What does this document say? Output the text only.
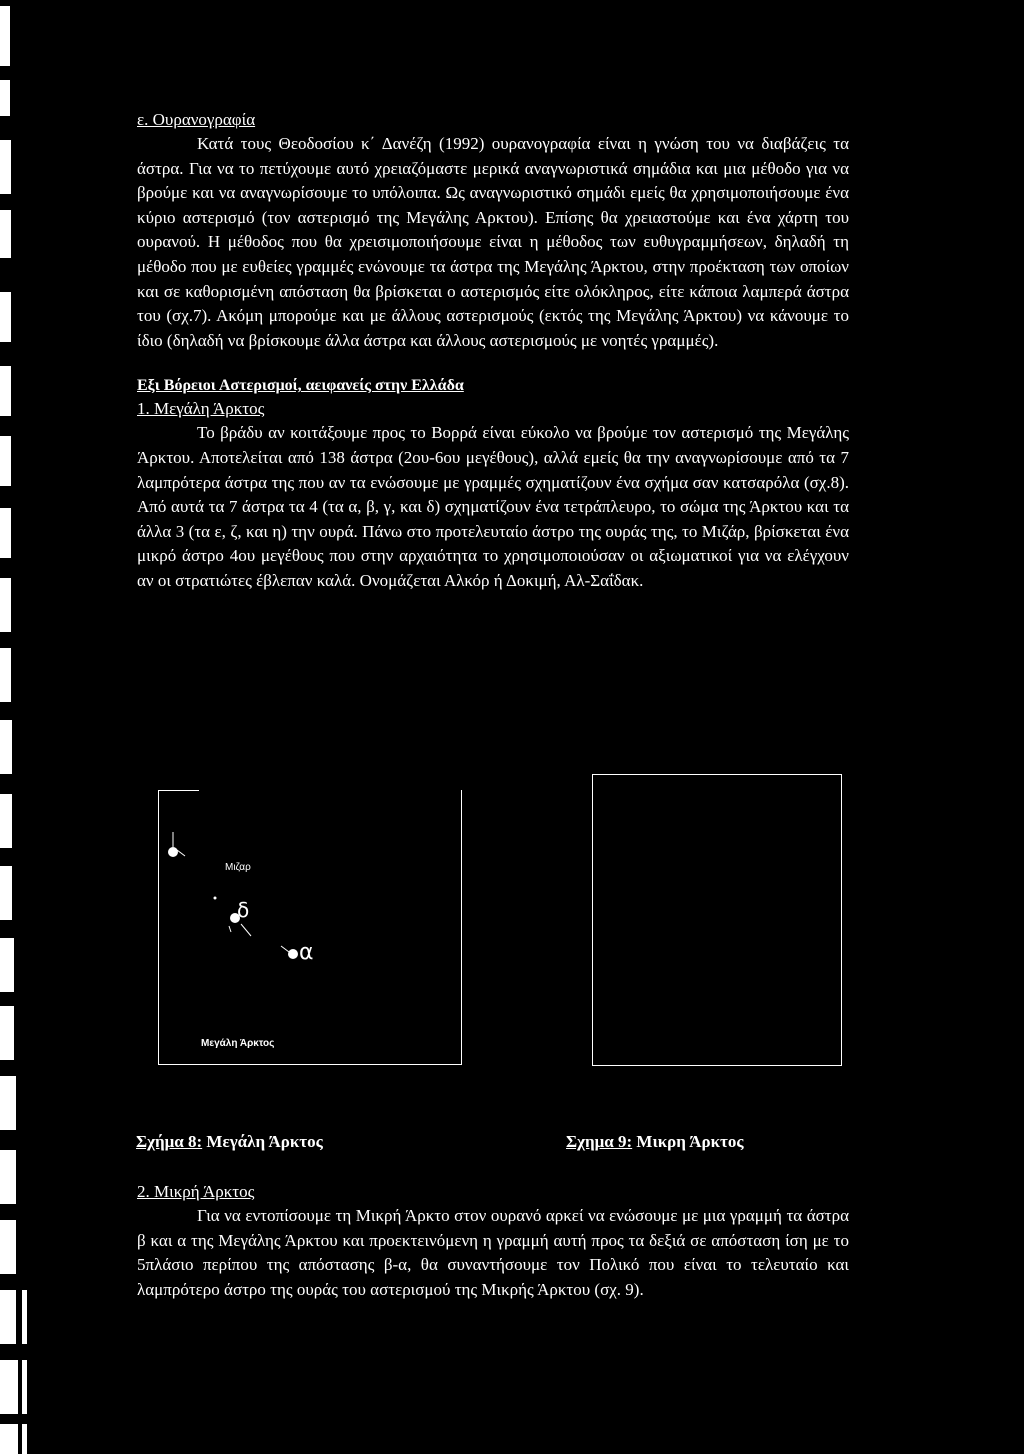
ε. Ουρανογραφία

Κατά τους Θεοδοσίου κ΄ Δανέζη (1992) ουρανογραφία είναι η γνώση του να διαβάζεις τα άστρα. Για να το πετύχουμε αυτό χρειαζόμαστε μερικά αναγνωριστικά σημάδια και μια μέθοδο για να βρούμε και να αναγνωρίσουμε το υπόλοιπα. Ως αναγνωριστικό σημάδι εμείς θα χρησιμοποιήσουμε ένα κύριο αστερισμό (τον αστερισμό της Μεγάλης Αρκτου). Επίσης θα χρειαστούμε και ένα χάρτη του ουρανού. Η μέθοδος που θα χρεισιμοποιήσουμε είναι η μέθοδος των ευθυγραμμήσεων, δηλαδή τη μέθοδο που με ευθείες γραμμές ενώνουμε τα άστρα της Μεγάλης Άρκτου, στην προέκταση των οποίων και σε καθορισμένη απόσταση θα βρίσκεται ο αστερισμός είτε ολόκληρος, είτε κάποια λαμπερά άστρα του (σχ.7). Ακόμη μπορούμε και με άλλους αστερισμούς (εκτός της Μεγάλης Άρκτου) να κάνουμε το ίδιο (δηλαδή να βρίσκουμε άλλα άστρα και άλλους αστερισμούς με νοητές γραμμές).

Εξι Βόρειοι Αστερισμοί, αειφανείς στην Ελλάδα
1. Μεγάλη Άρκτος

Το βράδυ αν κοιτάξουμε προς το Βορρά είναι εύκολο να βρούμε τον αστερισμό της Μεγάλης Άρκτου. Αποτελείται από 138 άστρα (2ου-6ου μεγέθους), αλλά εμείς θα την αναγνωρίσουμε από τα 7 λαμπρότερα άστρα της που αν τα ενώσουμε με γραμμές σχηματίζουν ένα σχήμα σαν κατσαρόλα (σχ.8). Από αυτά τα 7 άστρα τα 4 (τα α, β, γ, και δ) σχηματίζουν ένα τετράπλευρο, το σώμα της Άρκτου και τα άλλα 3 (τα ε, ζ, και η) την ουρά. Πάνω στο προτελευταίο άστρο της ουράς της, το Μιζάρ, βρίσκεται ένα μικρό άστρο 4ου μεγέθους που στην αρχαιότητα το χρησιμοποιούσαν οι αξιωματικοί για να ελέγχουν αν οι στρατιώτες έβλεπαν καλά. Ονομάζεται Αλκόρ ή Δοκιμή, Αλ-Σαΐδακ.

Μιζαρ
δ
α
Μεγάλη Άρκτος
Σχήμα 8: Μεγάλη Άρκτος	Σχημα 9: Μικρη Άρκτος
2. Μικρή Άρκτος

Για να εντοπίσουμε τη Μικρή Άρκτο στον ουρανό αρκεί να ενώσουμε με μια γραμμή τα άστρα β και α της Μεγάλης Άρκτου και προεκτεινόμενη η γραμμή αυτή προς τα δεξιά σε απόσταση ίση με το 5πλάσιο περίπου της απόστασης β-α, θα συναντήσουμε τον Πολικό που είναι το τελευταίο και λαμπρότερο άστρο της ουράς του αστερισμού της Μικρής Άρκτου (σχ. 9).
